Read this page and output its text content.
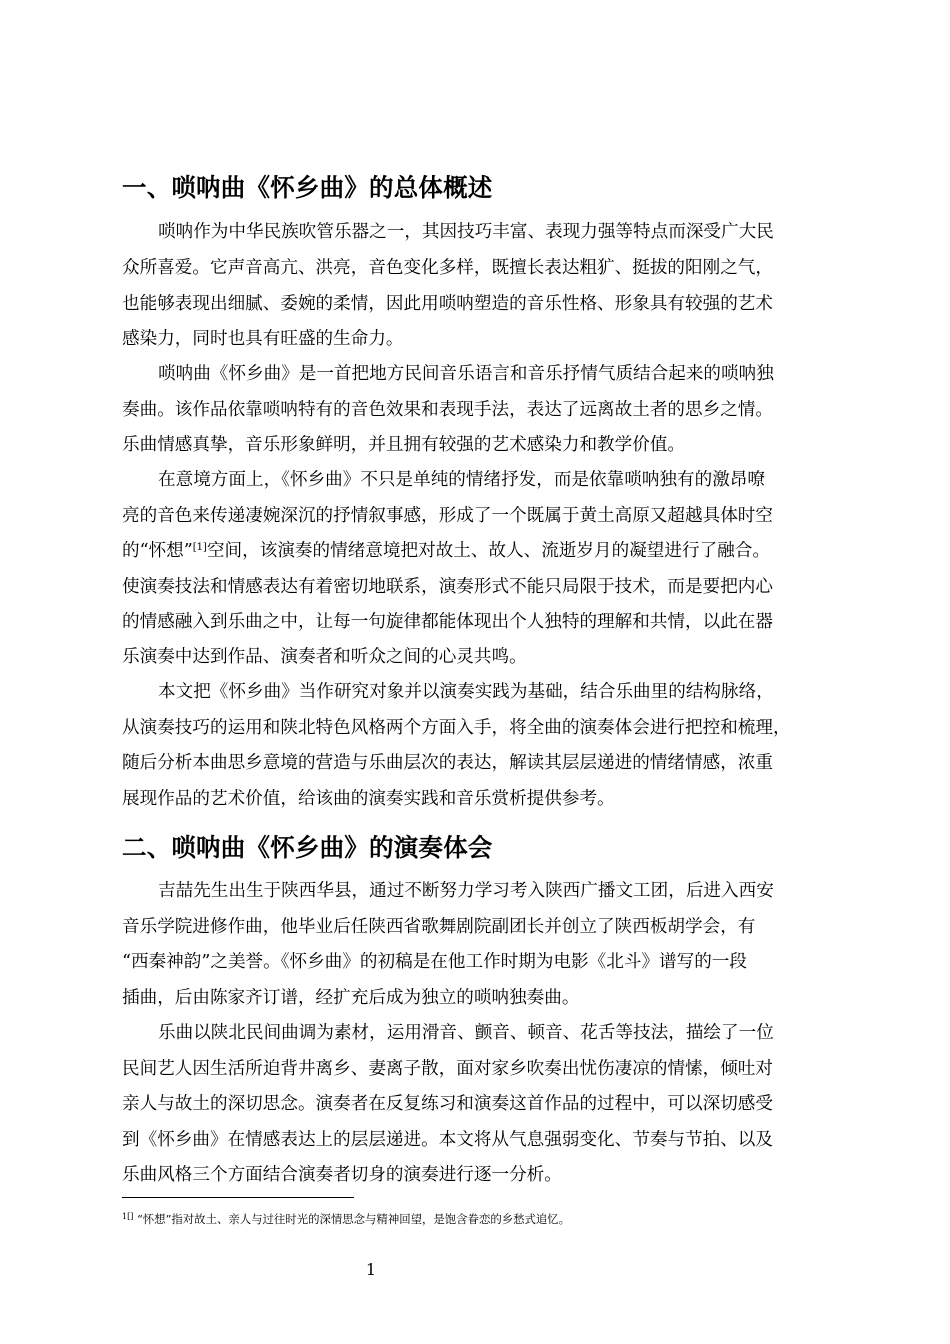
一、唢呐曲《怀乡曲》的总体概述
唢呐作为中华民族吹管乐器之一，其因技巧丰富、表现力强等特点而深受广大民
众所喜爱。它声音高亢、洪亮，音色变化多样，既擅长表达粗犷、挺拔的阳刚之气，
也能够表现出细腻、委婉的柔情，因此用唢呐塑造的音乐性格、形象具有较强的艺术
感染力，同时也具有旺盛的生命力。
唢呐曲《怀乡曲》是一首把地方民间音乐语言和音乐抒情气质结合起来的唢呐独
奏曲。该作品依靠唢呐特有的音色效果和表现手法，表达了远离故土者的思乡之情。
乐曲情感真挚，音乐形象鲜明，并且拥有较强的艺术感染力和教学价值。
在意境方面上，《怀乡曲》不只是单纯的情绪抒发，而是依靠唢呐独有的激昂嘹
亮的音色来传递凄婉深沉的抒情叙事感，形成了一个既属于黄土高原又超越具体时空
的“怀想”[1]空间，该演奏的情绪意境把对故土、故人、流逝岁月的凝望进行了融合。
使演奏技法和情感表达有着密切地联系，演奏形式不能只局限于技术，而是要把内心
的情感融入到乐曲之中，让每一句旋律都能体现出个人独特的理解和共情，以此在器
乐演奏中达到作品、演奏者和听众之间的心灵共鸣。
本文把《怀乡曲》当作研究对象并以演奏实践为基础，结合乐曲里的结构脉络，
从演奏技巧的运用和陕北特色风格两个方面入手，将全曲的演奏体会进行把控和梳理，
随后分析本曲思乡意境的营造与乐曲层次的表达，解读其层层递进的情绪情感，浓重
展现作品的艺术价值，给该曲的演奏实践和音乐赏析提供参考。
二、唢呐曲《怀乡曲》的演奏体会
吉喆先生出生于陕西华县，通过不断努力学习考入陕西广播文工团，后进入西安
音乐学院进修作曲，他毕业后任陕西省歌舞剧院副团长并创立了陕西板胡学会，有
“西秦神韵”之美誉。《怀乡曲》的初稿是在他工作时期为电影《北斗》谱写的一段
插曲，后由陈家齐订谱，经扩充后成为独立的唢呐独奏曲。
乐曲以陕北民间曲调为素材，运用滑音、颤音、顿音、花舌等技法，描绘了一位
民间艺人因生活所迫背井离乡、妻离子散，面对家乡吹奏出忧伤凄凉的情愫，倾吐对
亲人与故土的深切思念。演奏者在反复练习和演奏这首作品的过程中，可以深切感受
到《怀乡曲》在情感表达上的层层递进。本文将从气息强弱变化、节奏与节拍、以及
乐曲风格三个方面结合演奏者切身的演奏进行逐一分析。
$^{1[]}$ “怀想”指对故土、亲人与过往时光的深情思念与精神回望，是饱含眷恋的乡愁式追忆。
1
